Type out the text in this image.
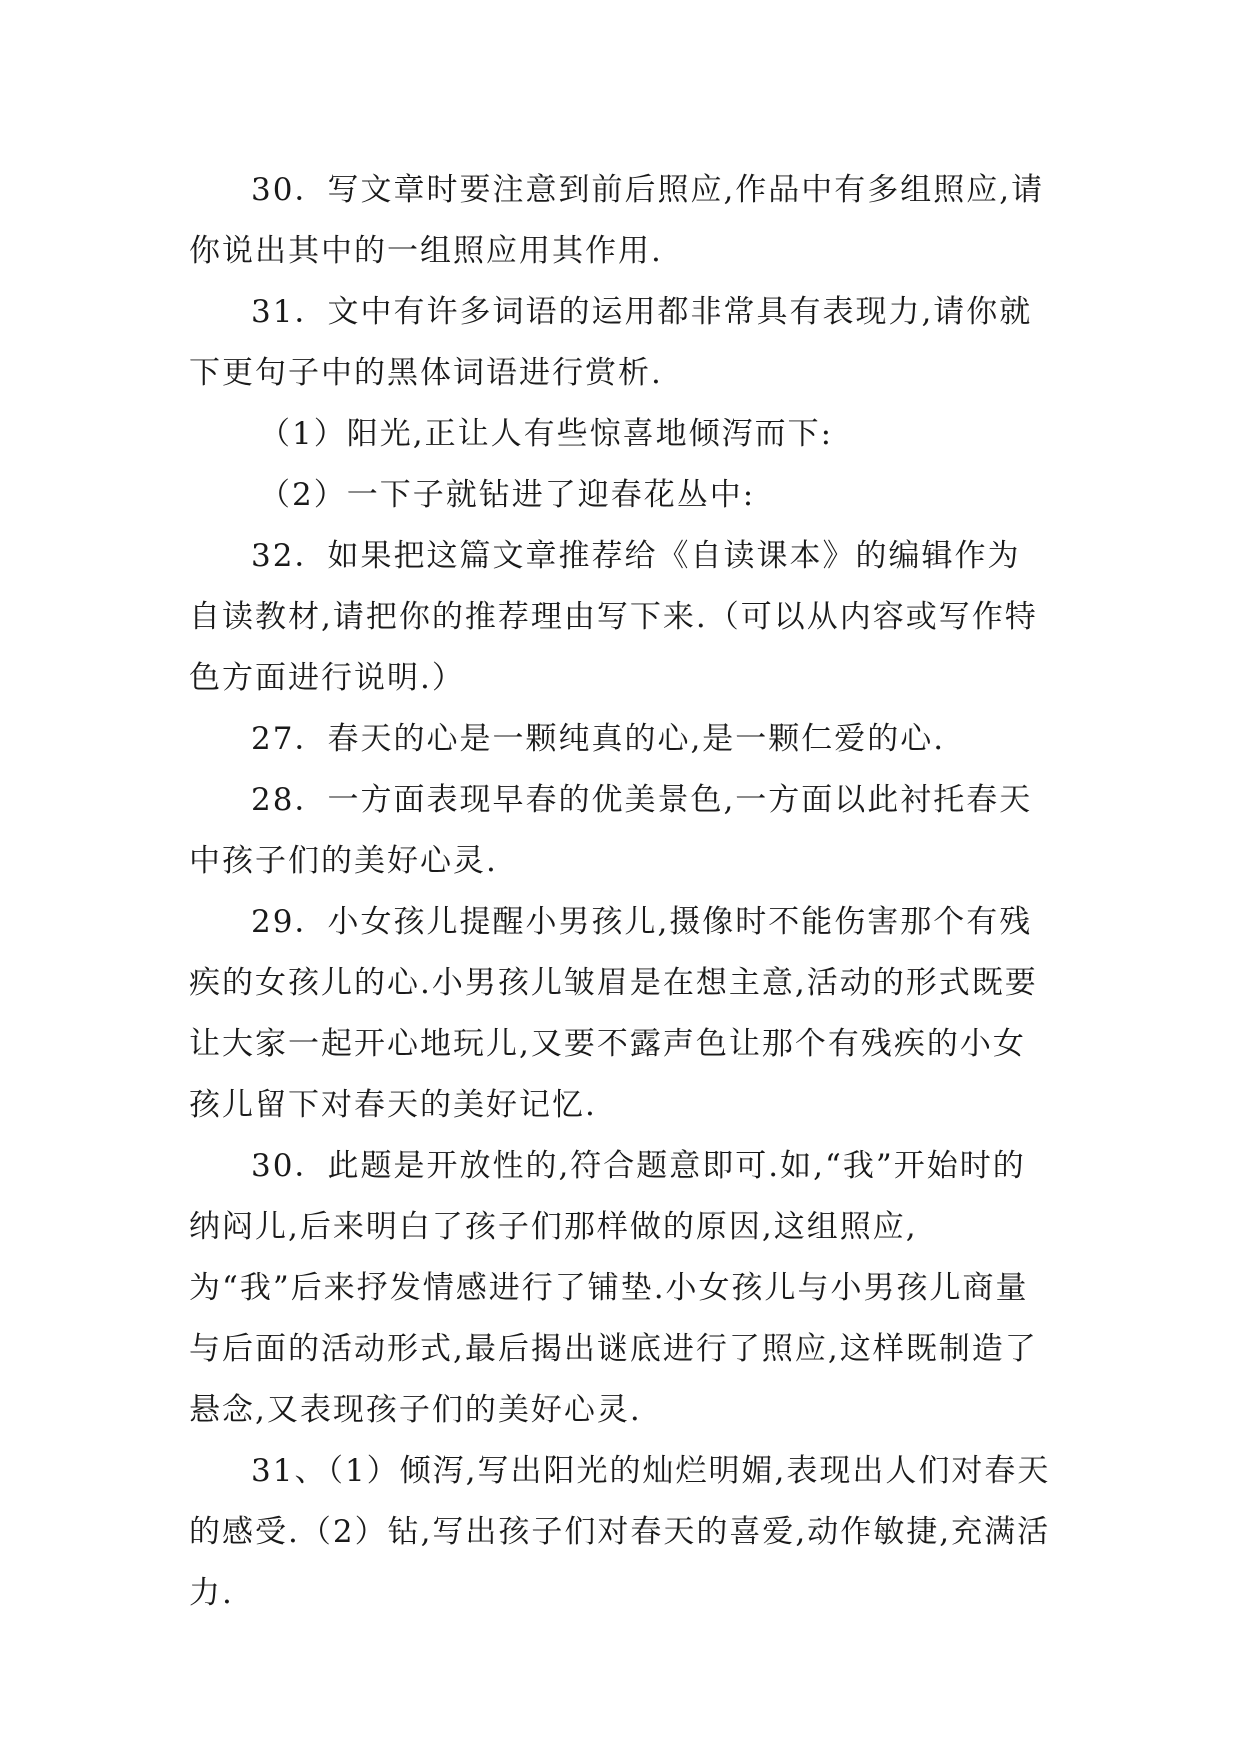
30．写文章时要注意到前后照应,作品中有多组照应,请你说出其中的一组照应用其作用.

31．文中有许多词语的运用都非常具有表现力,请你就下更句子中的黑体词语进行赏析.

（1）阳光,正让人有些惊喜地倾泻而下:

（2）一下子就钻进了迎春花丛中:

32．如果把这篇文章推荐给《自读课本》的编辑作为自读教材,请把你的推荐理由写下来.（可以从内容或写作特色方面进行说明.）

27．春天的心是一颗纯真的心,是一颗仁爱的心.

28．一方面表现早春的优美景色,一方面以此衬托春天中孩子们的美好心灵.

29．小女孩儿提醒小男孩儿,摄像时不能伤害那个有残疾的女孩儿的心.小男孩儿皱眉是在想主意,活动的形式既要让大家一起开心地玩儿,又要不露声色让那个有残疾的小女孩儿留下对春天的美好记忆.

30．此题是开放性的,符合题意即可.如,“我”开始时的纳闷儿,后来明白了孩子们那样做的原因,这组照应,为“我”后来抒发情感进行了铺垫.小女孩儿与小男孩儿商量与后面的活动形式,最后揭出谜底进行了照应,这样既制造了悬念,又表现孩子们的美好心灵.

31、（1）倾泻,写出阳光的灿烂明媚,表现出人们对春天的感受.（2）钻,写出孩子们对春天的喜爱,动作敏捷,充满活力.
